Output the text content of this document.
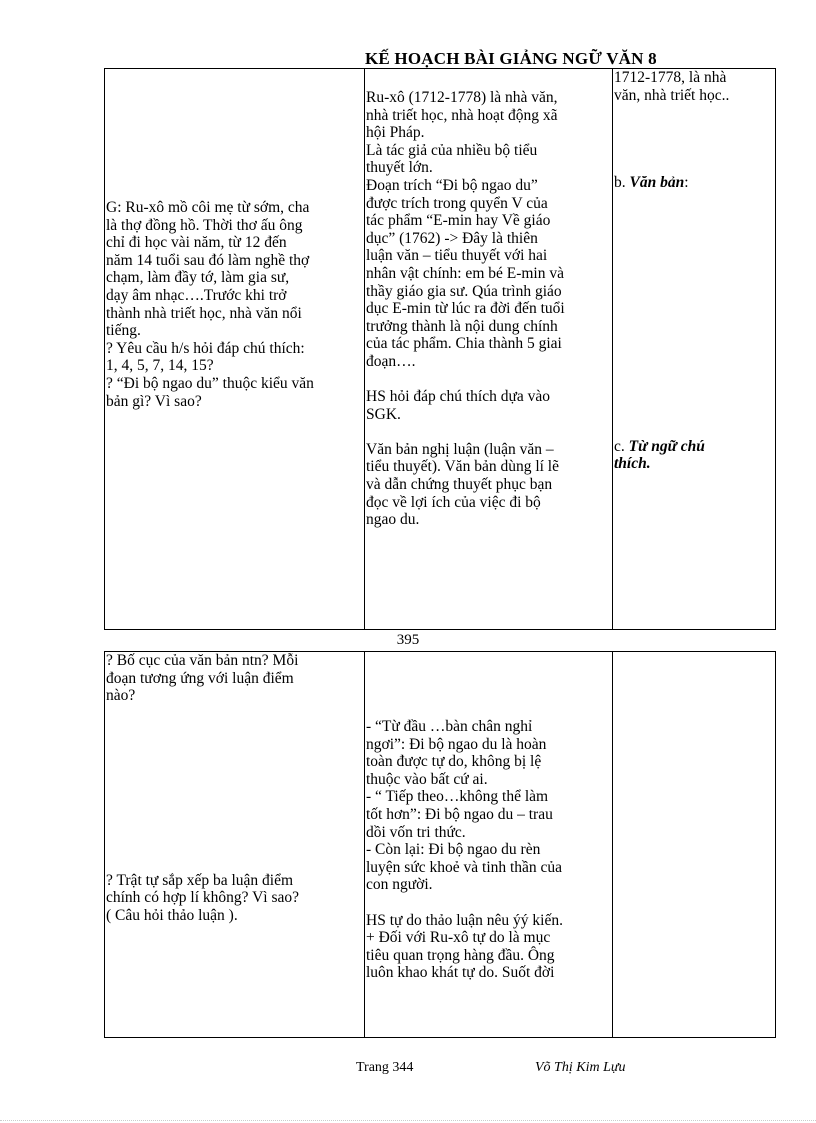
KẾ HOẠCH BÀI GIẢNG NGỮ VĂN 8
G: Ru-xô mồ côi mẹ từ sớm, cha
là thợ đồng hồ. Thời thơ ấu ông
chỉ đi học vài năm, từ 12 đến
năm 14 tuổi sau đó làm nghề thợ
chạm, làm đầy tớ, làm gia sư,
dạy âm nhạc….Trước khi trở
thành nhà triết học, nhà văn nổi
tiếng.
? Yêu cầu h/s hỏi đáp chú thích:
1, 4, 5, 7, 14, 15?
? “Đi bộ ngao du” thuộc kiểu văn
bản gì? Vì sao?

Ru-xô (1712-1778) là nhà văn,
nhà triết học, nhà hoạt động xã
hội Pháp.
Là tác giả của nhiều bộ tiểu
thuyết lớn.
Đoạn trích “Đi bộ ngao du”
được trích trong quyển V của
tác phẩm “E-min hay Về giáo
dục” (1762) -> Đây là thiên
luận văn – tiểu thuyết với hai
nhân vật chính: em bé E-min và
thầy giáo gia sư. Qúa trình giáo
dục E-min từ lúc ra đời đến tuổi
trưởng thành là nội dung chính
của tác phẩm. Chia thành 5 giai
đoạn….
HS hỏi đáp chú thích dựa vào
SGK.
Văn bản nghị luận (luận văn –
tiểu thuyết). Văn bản dùng lí lẽ
và dẫn chứng thuyết phục bạn
đọc về lợi ích của việc đi bộ
ngao du.

1712-1778, là nhà
văn, nhà triết học..
b. Văn bản:
c. Từ ngữ chú
thích.
395
? Bố cục của văn bản ntn? Mỗi
đoạn tương ứng với luận điểm
nào?
? Trật tự sắp xếp ba luận điểm
chính có hợp lí không? Vì sao?
( Câu hỏi thảo luận ).

- “Từ đầu …bàn chân nghỉ
ngơi”: Đi bộ ngao du là hoàn
toàn được tự do, không bị lệ
thuộc vào bất cứ ai.
- “ Tiếp theo…không thể làm
tốt hơn”: Đi bộ ngao du – trau
dồi vốn tri thức.
- Còn lại: Đi bộ ngao du rèn
luyện sức khoẻ và tinh thần của
con người.
HS tự do thảo luận nêu ýý kiến.
+ Đối với Ru-xô tự do là mục
tiêu quan trọng hàng đầu. Ông
luôn khao khát tự do. Suốt đời

Trang 344	Võ Thị Kim Lựu
